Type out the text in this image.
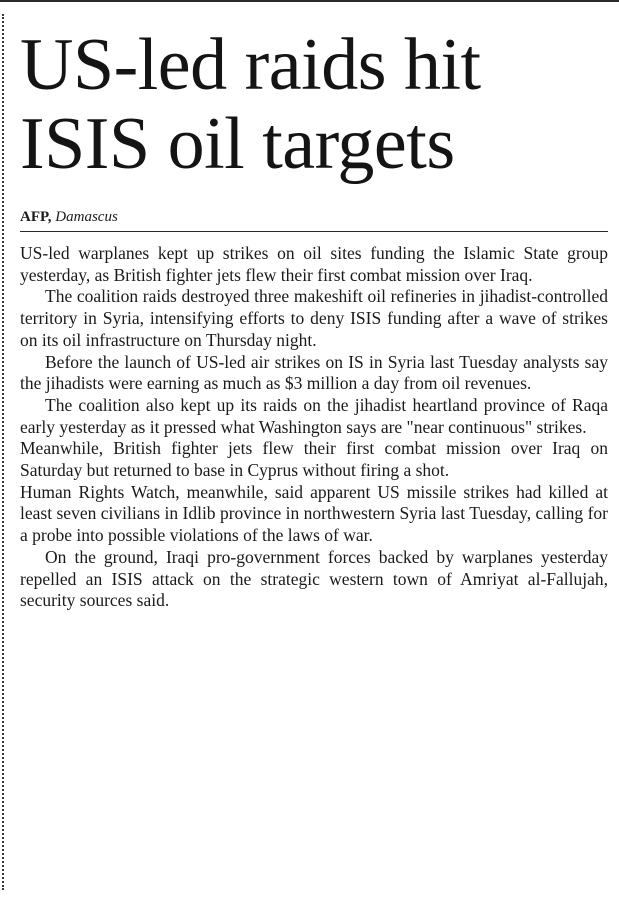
US-led raids hit ISIS oil targets
AFP, Damascus

US-led warplanes kept up strikes on oil sites funding the Islamic State group yesterday, as British fighter jets flew their first combat mission over Iraq.

The coalition raids destroyed three makeshift oil refineries in jihadist-controlled territory in Syria, intensifying efforts to deny ISIS funding after a wave of strikes on its oil infrastructure on Thursday night.

Before the launch of US-led air strikes on IS in Syria last Tuesday analysts say the jihadists were earning as much as $3 million a day from oil revenues.

The coalition also kept up its raids on the jihadist heartland province of Raqa early yesterday as it pressed what Washington says are "near continuous" strikes.

Meanwhile, British fighter jets flew their first combat mission over Iraq on Saturday but returned to base in Cyprus without firing a shot.

Human Rights Watch, meanwhile, said apparent US missile strikes had killed at least seven civilians in Idlib province in northwestern Syria last Tuesday, calling for a probe into possible violations of the laws of war.

On the ground, Iraqi pro-government forces backed by warplanes yesterday repelled an ISIS attack on the strategic western town of Amriyat al-Fallujah, security sources said.
